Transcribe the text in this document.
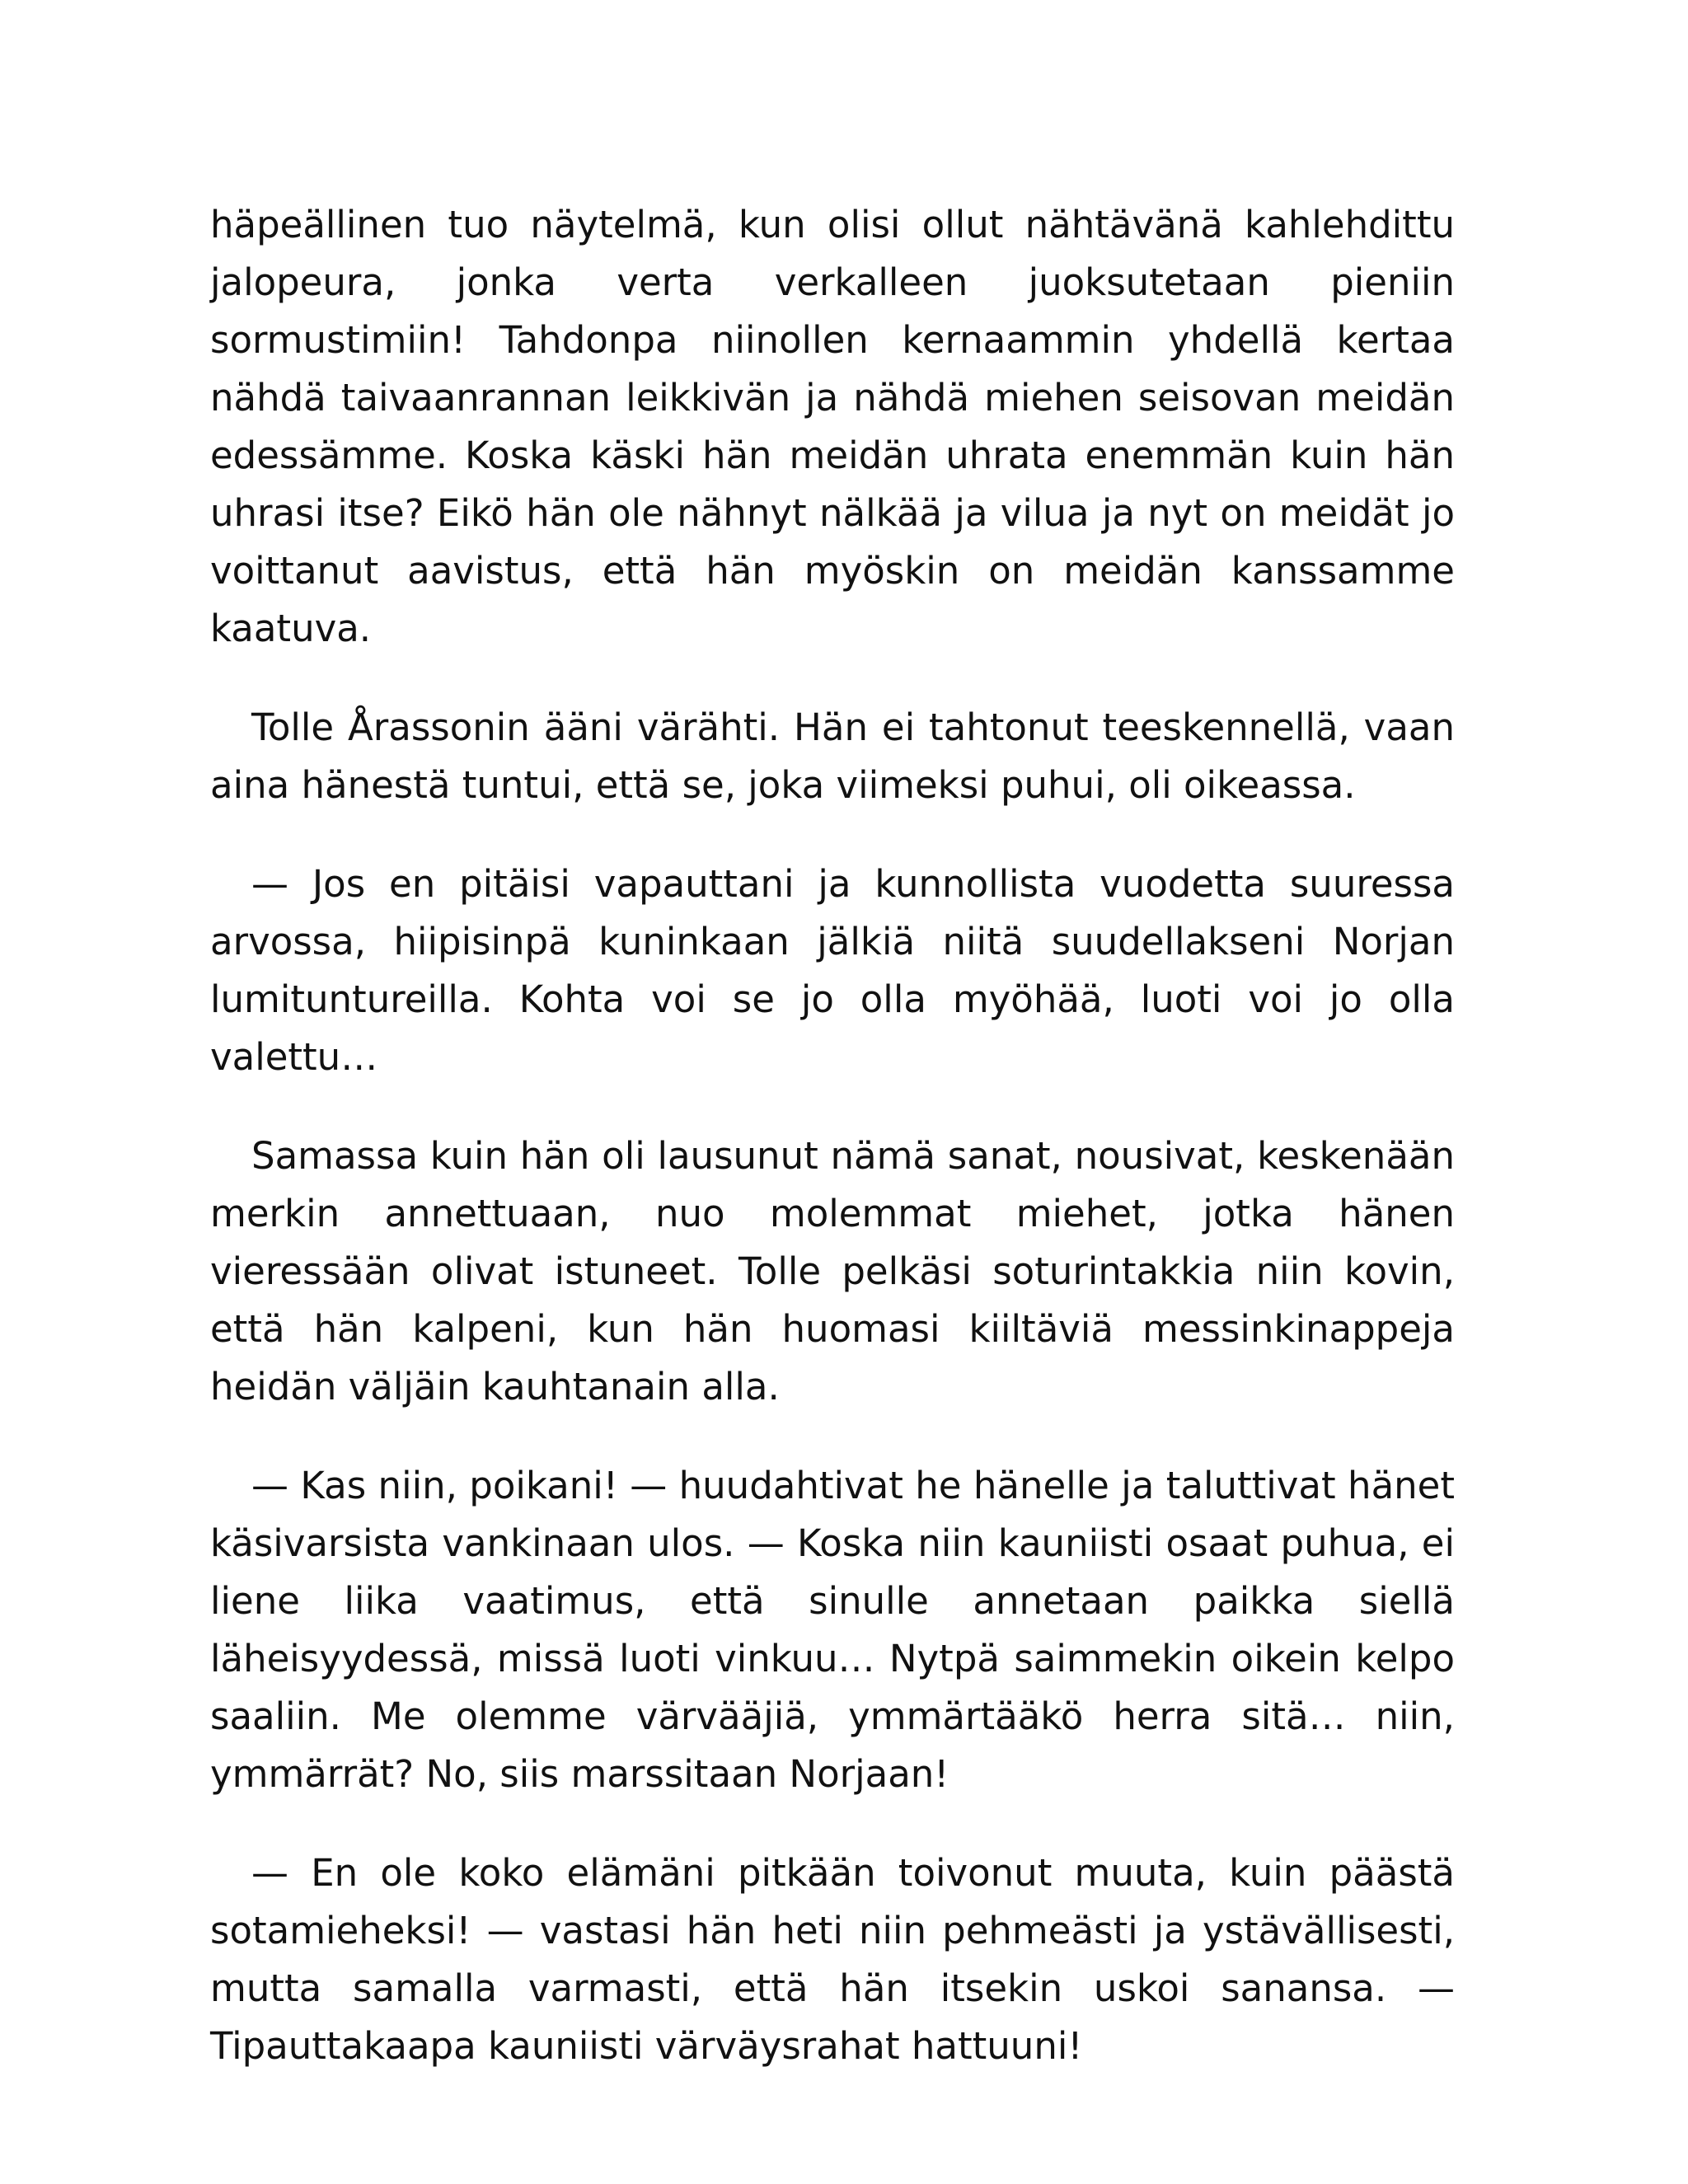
häpeällinen tuo näytelmä, kun olisi ollut nähtävänä kahlehdittu jalopeura, jonka verta verkalleen juoksutetaan pieniin sormustimiin! Tahdonpa niinollen kernaammin yhdellä kertaa nähdä taivaanrannan leikkivän ja nähdä miehen seisovan meidän edessämme. Koska käski hän meidän uhrata enemmän kuin hän uhrasi itse? Eikö hän ole nähnyt nälkää ja vilua ja nyt on meidät jo voittanut aavistus, että hän myöskin on meidän kanssamme kaatuva.

Tolle Årassonin ääni värähti. Hän ei tahtonut teeskennellä, vaan aina hänestä tuntui, että se, joka viimeksi puhui, oli oikeassa.

— Jos en pitäisi vapauttani ja kunnollista vuodetta suuressa arvossa, hiipisinpä kuninkaan jälkiä niitä suudellakseni Norjan lumituntureilla. Kohta voi se jo olla myöhää, luoti voi jo olla valettu…

Samassa kuin hän oli lausunut nämä sanat, nousivat, keskenään merkin annettuaan, nuo molemmat miehet, jotka hänen vieressään olivat istuneet. Tolle pelkäsi soturintakkia niin kovin, että hän kalpeni, kun hän huomasi kiiltäviä messinkinappeja heidän väljäin kauhtanain alla.

— Kas niin, poikani! — huudahtivat he hänelle ja taluttivat hänet käsivarsista vankinaan ulos. — Koska niin kauniisti osaat puhua, ei liene liika vaatimus, että sinulle annetaan paikka siellä läheisyydessä, missä luoti vinkuu… Nytpä saimmekin oikein kelpo saaliin. Me olemme värvääjiä, ymmärtääkö herra sitä… niin, ymmärrät? No, siis marssitaan Norjaan!

— En ole koko elämäni pitkään toivonut muuta, kuin päästä sotamieheksi! — vastasi hän heti niin pehmeästi ja ystävällisesti, mutta samalla varmasti, että hän itsekin uskoi sanansa. — Tipauttakaapa kauniisti värväysrahat hattuuni!
